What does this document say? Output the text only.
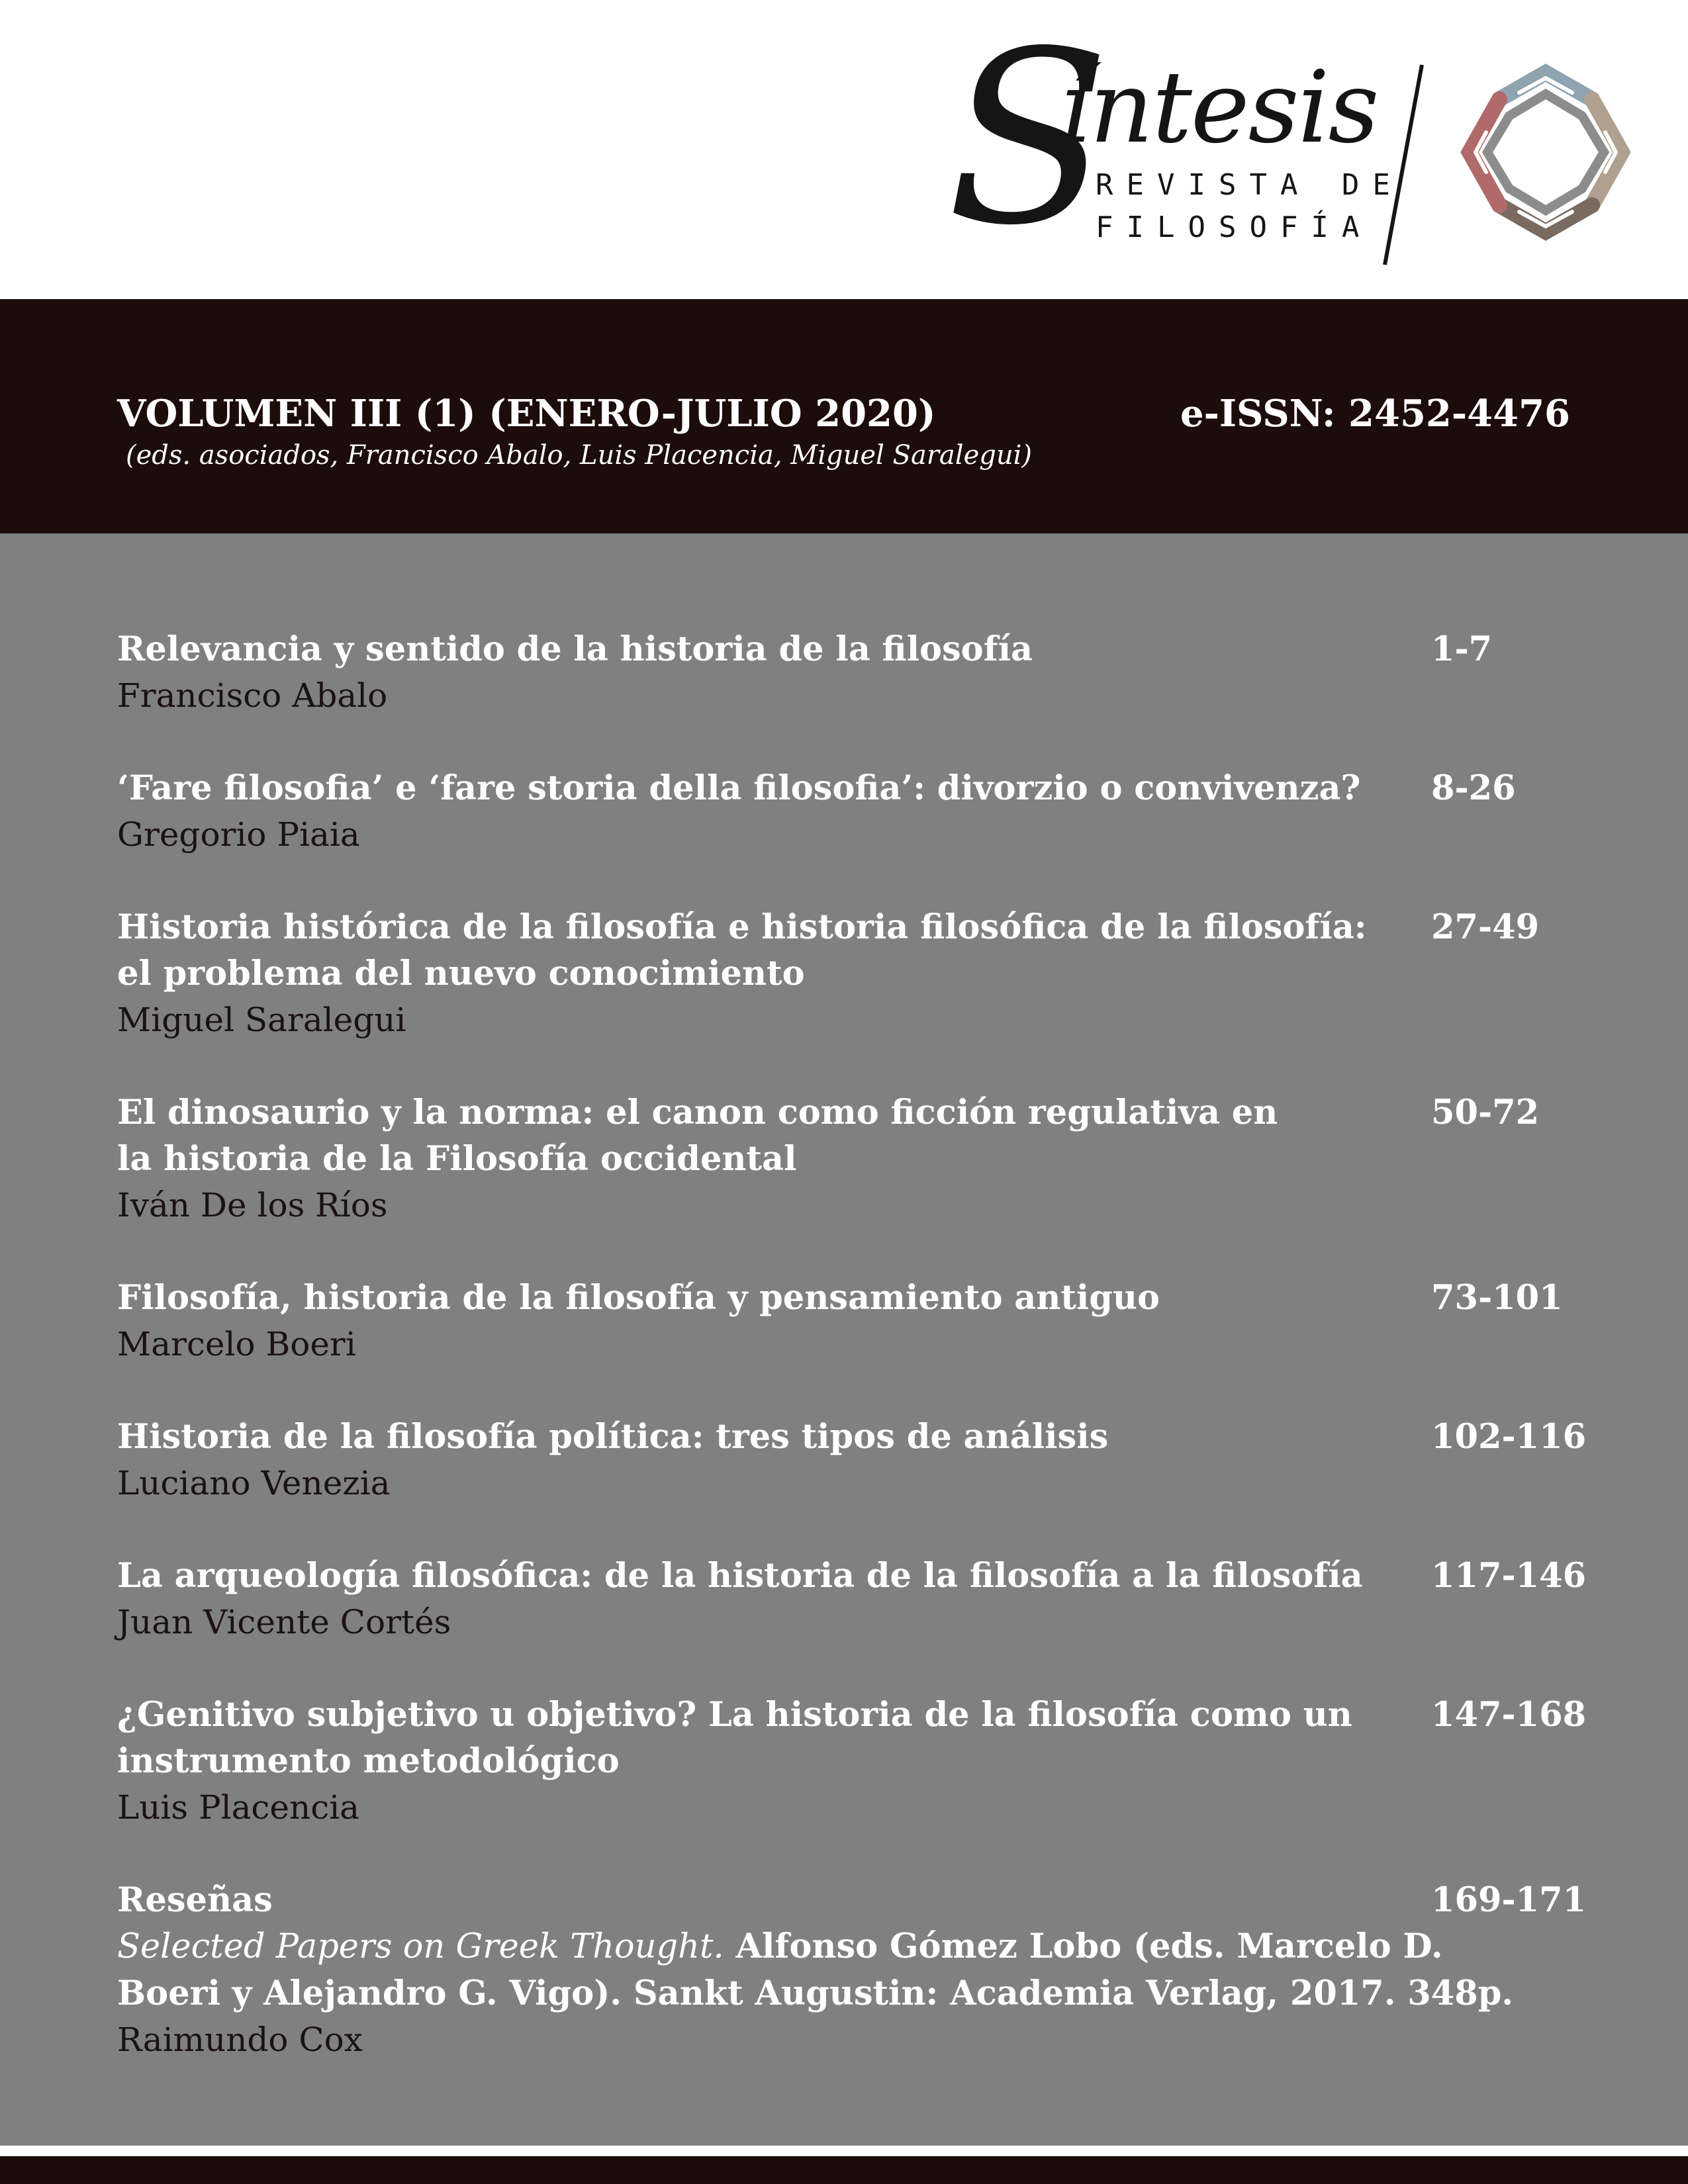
S
íntesis
REVISTA DE
FILOSOFÍA
VOLUMEN III (1) (ENERO-JULIO 2020)
(eds. asociados, Francisco Abalo, Luis Placencia, Miguel Saralegui)
e-ISSN: 2452-4476
Relevancia y sentido de la historia de la filosofía
Francisco Abalo
1-7
‘Fare filosofia’ e ‘fare storia della filosofia’: divorzio o convivenza?
Gregorio Piaia
8-26
Historia histórica de la filosofía e historia filosófica de la filosofía:
el problema del nuevo conocimiento
Miguel Saralegui
27-49
El dinosaurio y la norma: el canon como ficción regulativa en
la historia de la Filosofía occidental
Iván De los Ríos
50-72
Filosofía, historia de la filosofía y pensamiento antiguo
Marcelo Boeri
73-101
Historia de la filosofía política: tres tipos de análisis
Luciano Venezia
102-116
La arqueología filosófica: de la historia de la filosofía a la filosofía
Juan Vicente Cortés
117-146
¿Genitivo subjetivo u objetivo? La historia de la filosofía como un
instrumento metodológico
Luis Placencia
147-168
Reseñas
Selected Papers on Greek Thought. Alfonso Gómez Lobo (eds. Marcelo D.
Boeri y Alejandro G. Vigo). Sankt Augustin: Academia Verlag, 2017. 348p.
Raimundo Cox
169-171
